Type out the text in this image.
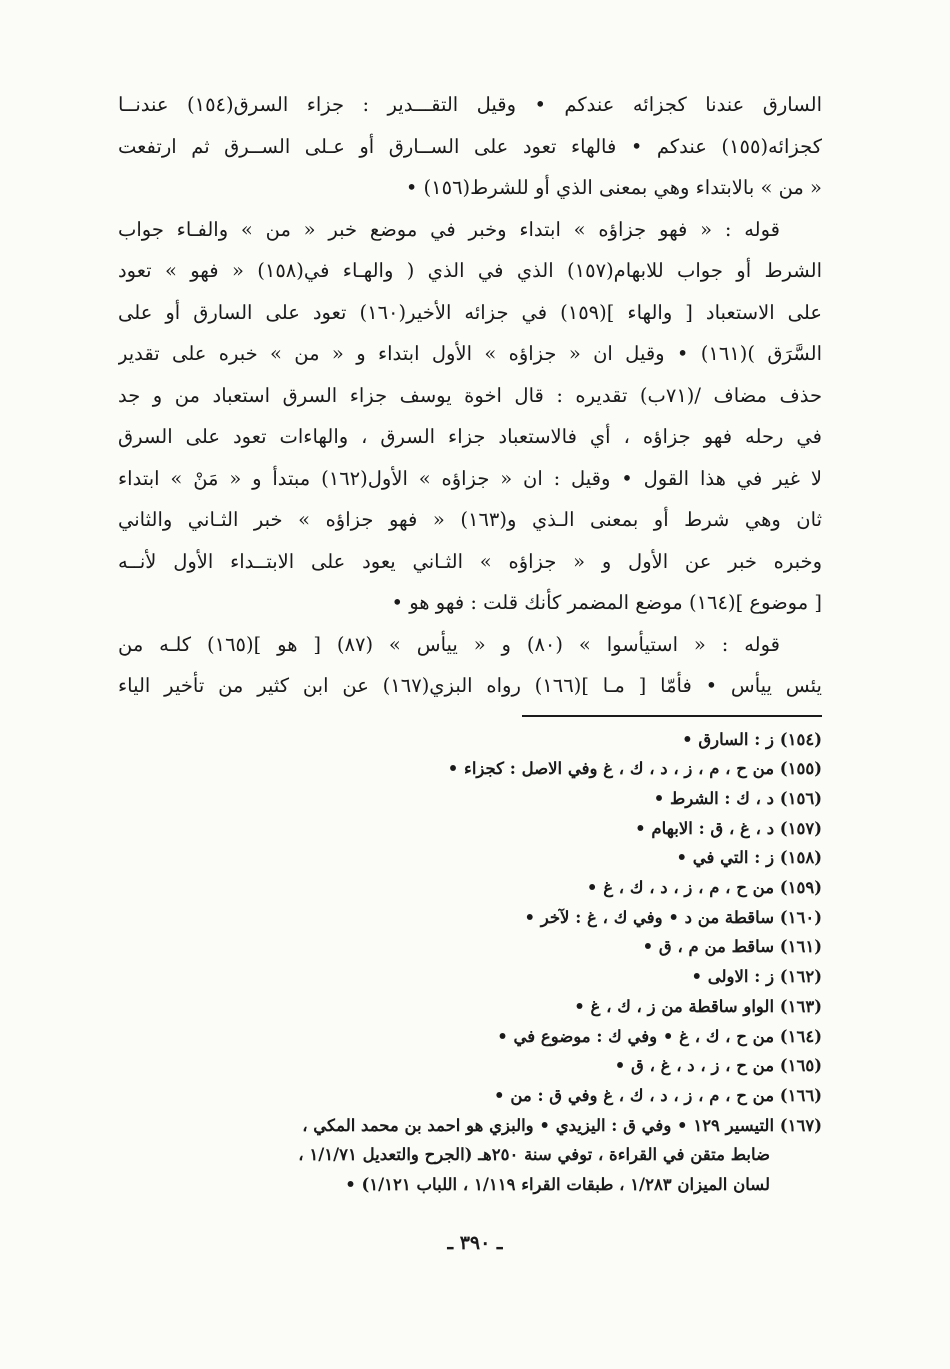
السارق عندنا كجزائه عندكم • وقيل التقـــدير : جزاء السرق(١٥٤) عندنــا
كجزائه(١٥٥) عندكم • فالهاء تعود على الســارق أو عـلى الســرق ثم ارتفعت
« من » بالابتداء وهي بمعنى الذي أو للشرط(١٥٦) •
قوله : « فهو جزاؤه » ابتداء وخبر في موضع خبر « من » والفـاء جواب
الشرط أو جواب للابهام(١٥٧) الذي في الذي ( والهـاء في(١٥٨) « فهو » تعود
على الاستعباد [ والهاء ](١٥٩) في جزائه الأخير(١٦٠) تعود على السارق أو على
السَّرَق )(١٦١) • وقيل ان « جزاؤه » الأول ابتداء و « من » خبره على تقدير
حذف مضاف /(٧١ب) تقديره : قال اخوة يوسف جزاء السرق استعباد من و جد
في رحله فهو جزاؤه ، أي فالاستعباد جزاء السرق ، والهاءات تعود على السرق
لا غير في هذا القول • وقيل : ان « جزاؤه » الأول(١٦٢) مبتدأ و « مَنْ » ابتداء
ثان وهي شرط أو بمعنى الـذي و(١٦٣) « فهو جزاؤه » خبر الثـاني والثاني
وخبره خبر عن الأول و « جزاؤه » الثـاني يعود على الابتــداء الأول لأنــه
[ موضوع ](١٦٤) موضع المضمر كأنك قلت : فهو هو •
قوله : « استيأسوا » (٨٠) و « ييأس » (٨٧) [ هو ](١٦٥) كلـه من
يئس ييأس • فأمّا [ مـا ](١٦٦) رواه البزي(١٦٧) عن ابن كثير من تأخير الياء
(١٥٤) ز : السارق •
(١٥٥) من ح ، م ، ز ، د ، ك ، غ وفي الاصل : كجزاء •
(١٥٦) د ، ك : الشرط •
(١٥٧) د ، غ ، ق : الابهام •
(١٥٨) ز : التي في •
(١٥٩) من ح ، م ، ز ، د ، ك ، غ •
(١٦٠) ساقطة من د • وفي ك ، غ : لآخر •
(١٦١) ساقط من م ، ق •
(١٦٢) ز : الاولى •
(١٦٣) الواو ساقطة من ز ، ك ، غ •
(١٦٤) من ح ، ك ، غ • وفي ك : موضوع في •
(١٦٥) من ح ، ز ، د ، غ ، ق •
(١٦٦) من ح ، م ، ز ، د ، ك ، غ وفي ق : من •
(١٦٧) التيسير ١٢٩ • وفي ق : اليزيدي • والبزي هو احمد بن محمد المكي ،
ضابط متقن في القراءة ، توفي سنة ٢٥٠هـ (الجرح والتعديل ١/١/٧١ ،
لسان الميزان ١/٢٨٣ ، طبقات القراء ١/١١٩ ، اللباب ١/١٢١) •
ـ ٣٩٠ ـ
